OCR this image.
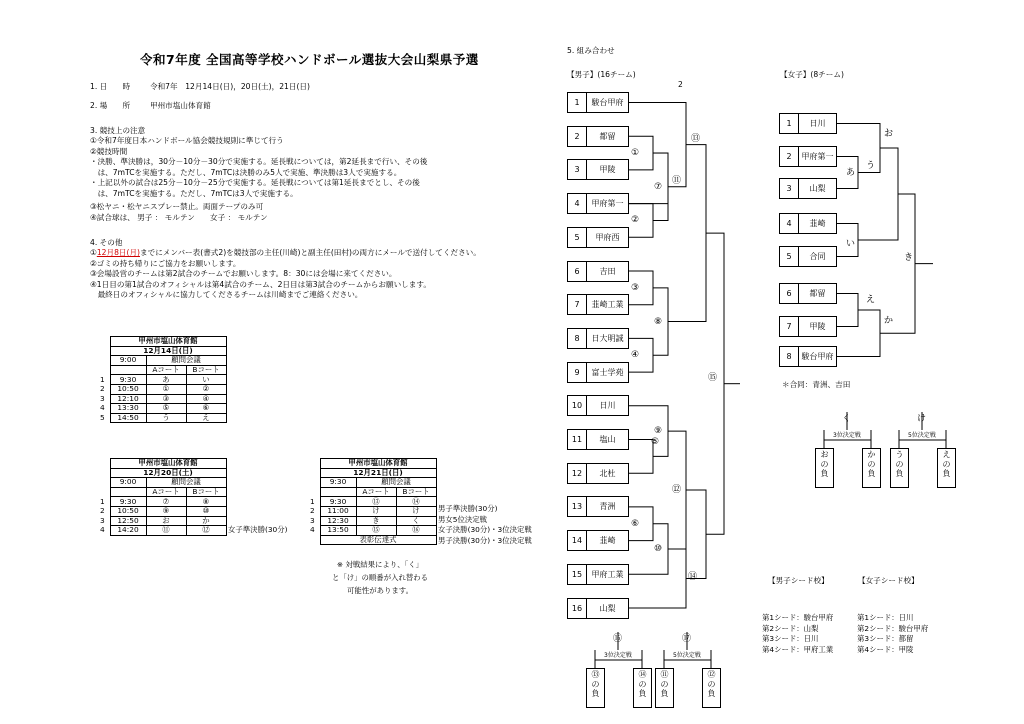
令和7年度 全国高等学校ハンドボール選抜大会山梨県予選
1. 日　　時	令和7年　12月14日(日)，20日(土)，21日(日)
2. 場　　所	甲州市塩山体育館
3. 競技上の注意
①令和7年度日本ハンドボール協会競技規則に準じて行う
②競技時間
・決勝、準決勝は，30分－10分－30分で実施する。延長戦については，第2延長まで行い、その後
　は、7mTCを実施する。ただし、7mTCは決勝のみ5人で実施、準決勝は3人で実施する。
・上記以外の試合は25分－10分－25分で実施する。延長戦については第1延長までとし、その後
　は、7mTCを実施する。ただし、7mTCは3人で実施する。
③松ヤニ・松ヤニスプレー禁止。両面テープのみ可
④試合球は、 男子 ： モルテン　　女子 ： モルテン
4. その他
①12月8日(月)までにメンバー表(書式2)を競技部の主任(川崎)と副主任(田村)の両方にメールで送付してください。
②ゴミの持ち帰りにご協力をお願いします。
③会場設営のチームは第2試合のチームでお願いします。8：30には会場に来てください。
④1日目の第1試合のオフィシャルは第4試合のチーム、2日目は第3試合のチームからお願いします。
　最終日のオフィシャルに協力してくださるチームは川崎までご連絡ください。
	甲州市塩山体育館		
	12月14日(日)		
	9:00	顧問会議	
		Aコート	Bコート
1	9:30	あ	い
2	10:50	①	②
3	12:10	③	④
4	13:30	⑤	⑥
5	14:50	う	え
	甲州市塩山体育館		
	12月20日(土)		
	9:00	顧問会議	
		Aコート	Bコート
1	9:30	⑦	⑧
2	10:50	⑨	⑩
3	12:50	お	か
4	14:20	⑪	⑫ 女子準決勝(30分)
	甲州市塩山体育館		
	12月21日(日)		
	9:30	顧問会議	
		Aコート	Bコート
1	9:30	⑬	⑭
2	11:00	け	け
3	12:30	き	く
4	13:50	⑮	⑯
	表彰伝達式		
男子準決勝(30分)
男女5位決定戦
女子決勝(30分)・3位決定戦
男子決勝(30分)・3位決定戦
※ 対戦結果により、「く」
と「け」の順番が入れ替わる
可能性があります。
5. 組み合わせ
【男子】(16チーム)
2
【女子】(8チーム)
1	駿台甲府
2	都留
3	甲陵
4	甲府第一
5	甲府西
6	吉田
7	韮崎工業
8	日大明誠
9	富士学苑
10	日川
11	塩山
12	北杜
13	青洲
14	韮崎
15	甲府工業
16	山梨
1	日川
2	甲府第一
3	山梨
4	韮崎
5	合同
6	都留
7	甲陵
8	駿台甲府
①
②
③
④
⑤
⑥
⑦
⑧
⑨
⑩
⑪
⑫
⑬
⑭
⑮
あ
い
う
え
お
か
き
＊合同：青洲、吉田
⑯
3位決定戦
⑬
の
負
⑭
の
負
⑰
5位決定戦
⑪
の
負
⑫
の
負
く
3位決定戦
お
の
負
か
の
負
け
5位決定戦
う
の
負
え
の
負
【男子シード校】	【女子シード校】
第1シード：駿台甲府
第2シード：山梨
第3シード：日川
第4シード：甲府工業
第1シード：日川
第2シード：駿台甲府
第3シード：都留
第4シード：甲陵
